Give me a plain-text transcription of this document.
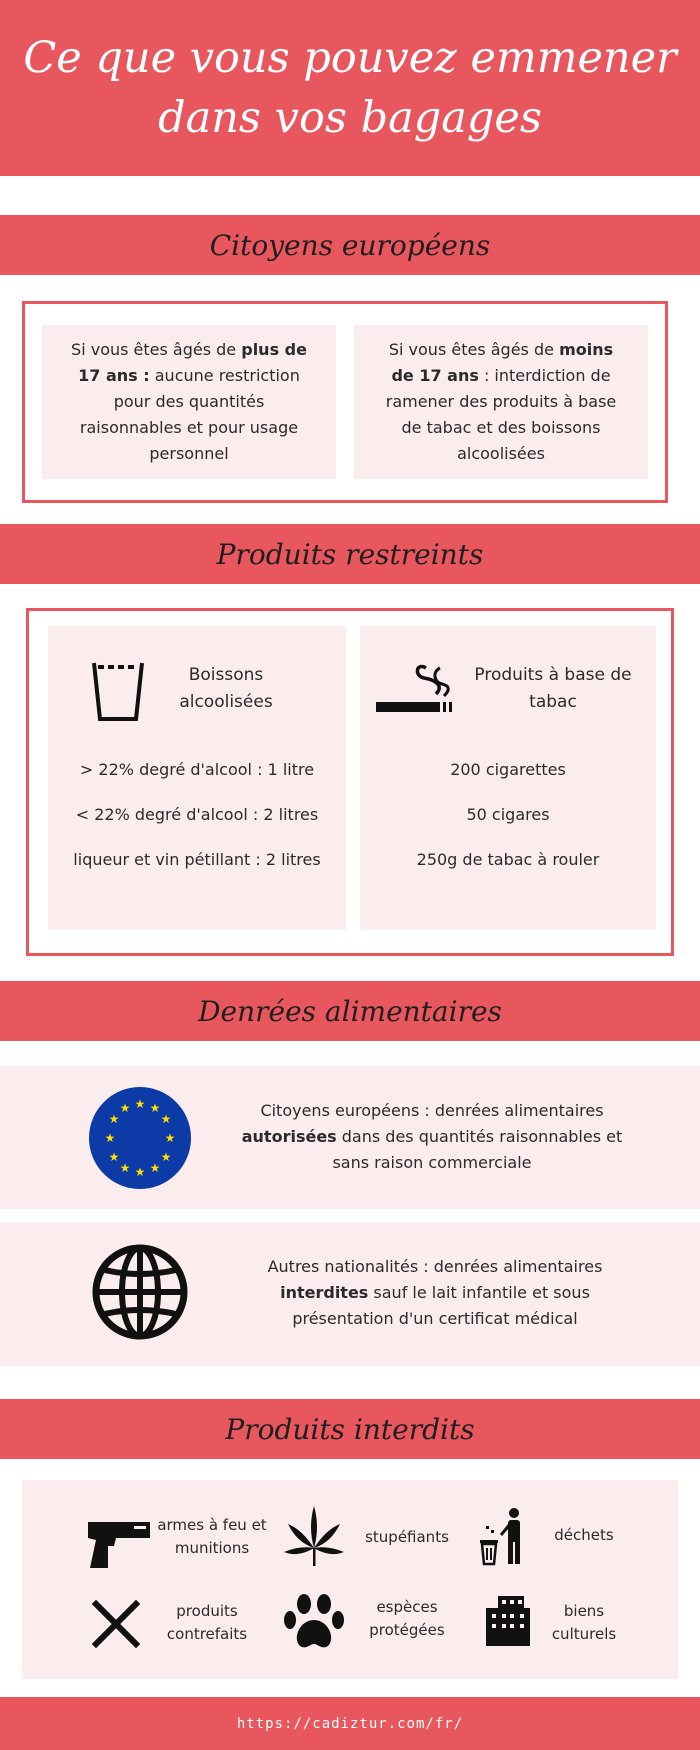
Ce que vous pouvez emmener
dans vos bagages
Citoyens européens

Si vous êtes âgés de plus de 17 ans : aucune restriction pour des quantités raisonnables et pour usage personnel

Si vous êtes âgés de moins de 17 ans : interdiction de ramener des produits à base de tabac et des boissons alcoolisées

Produits restreints
Boissons alcoolisées
> 22% degré d'alcool : 1 litre
< 22% degré d'alcool : 2 litres
liqueur et vin pétillant : 2 litres
Produits à base de tabac
200 cigarettes
50 cigares
250g de tabac à rouler
Denrées alimentaires
★ ★
★
★
★
★
★
★
★
★
★
★	Citoyens européens : denrées alimentaires autorisées dans des quantités raisonnables et sans raison commerciale

Autres nationalités : denrées alimentaires interdites sauf le lait infantile et sous présentation d'un certificat médical

Produits interdits
armes à feu et munitions
stupéfiants	déchets
produits contrefaits
espèces protégées
biens culturels
https://cadiztur.com/fr/
